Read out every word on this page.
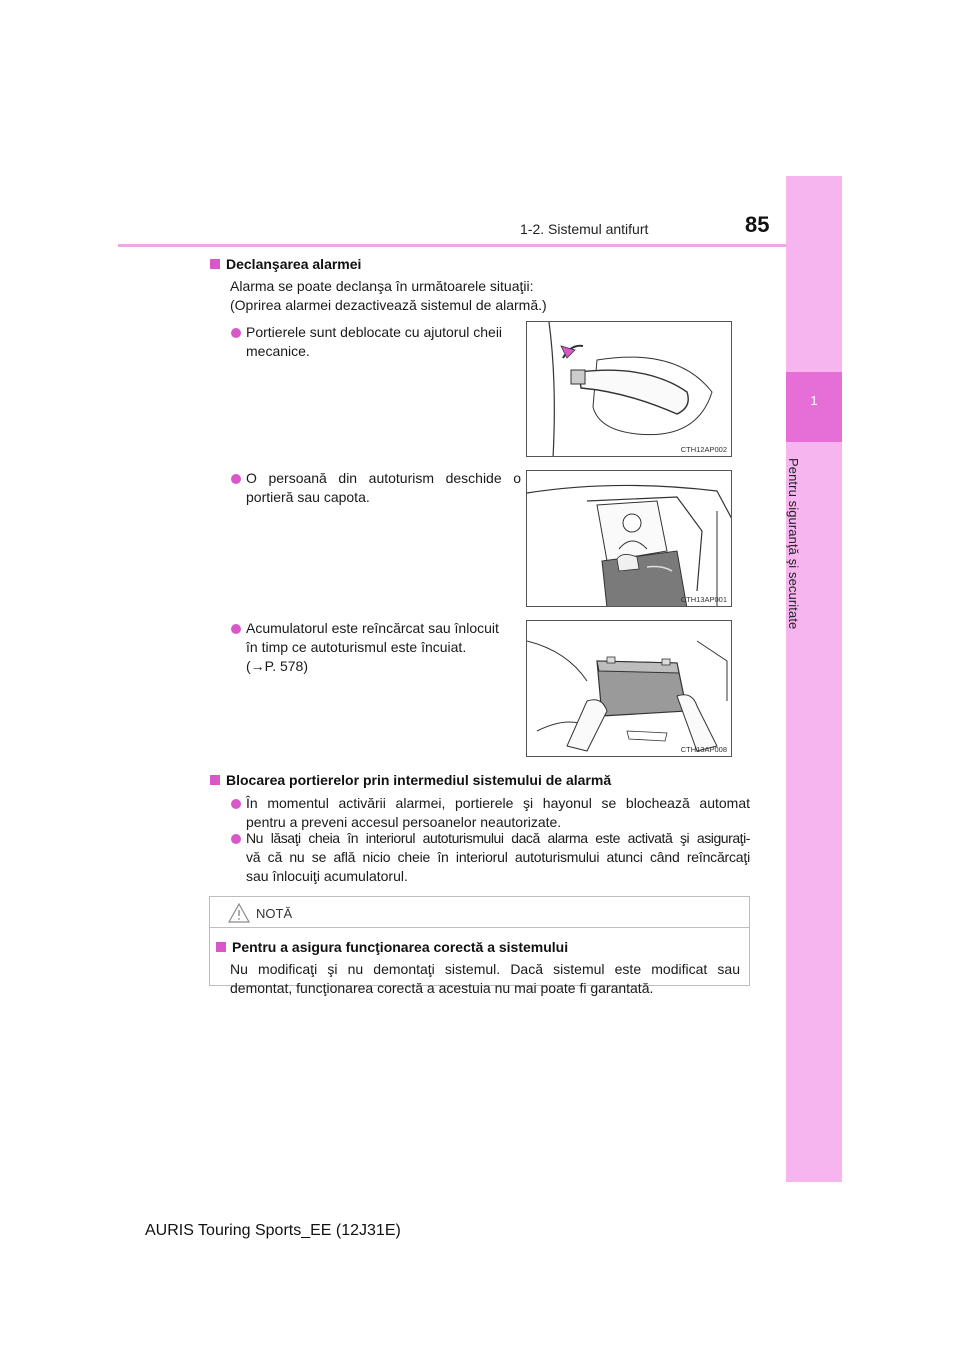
1
Pentru siguranţă şi securitate
1-2. Sistemul antifurt	85
Declanşarea alarmei
Alarma se poate declanşa în următoarele situaţii:
(Oprirea alarmei dezactivează sistemul de alarmă.)
Portierele sunt deblocate cu ajutorul cheii
mecanice.
O persoană din autoturism deschide o
portieră sau capota.
Acumulatorul este reîncărcat sau înlocuit
în timp ce autoturismul este încuiat.
(→P. 578)
CTH12AP002
CTH13AP001
CTH13AP008
Blocarea portierelor prin intermediul sistemului de alarmă
În momentul activării alarmei, portierele şi hayonul se blochează automat
pentru a preveni accesul persoanelor neautorizate.
Nu lăsaţi cheia în interiorul autoturismului dacă alarma este activată şi asiguraţi-
vă că nu se află nicio cheie în interiorul autoturismului atunci când reîncărcaţi
sau înlocuiţi acumulatorul.
NOTĂ
Pentru a asigura funcţionarea corectă a sistemului
Nu modificaţi şi nu demontaţi sistemul. Dacă sistemul este modificat sau
demontat, funcţionarea corectă a acestuia nu mai poate fi garantată.
AURIS Touring Sports_EE (12J31E)
